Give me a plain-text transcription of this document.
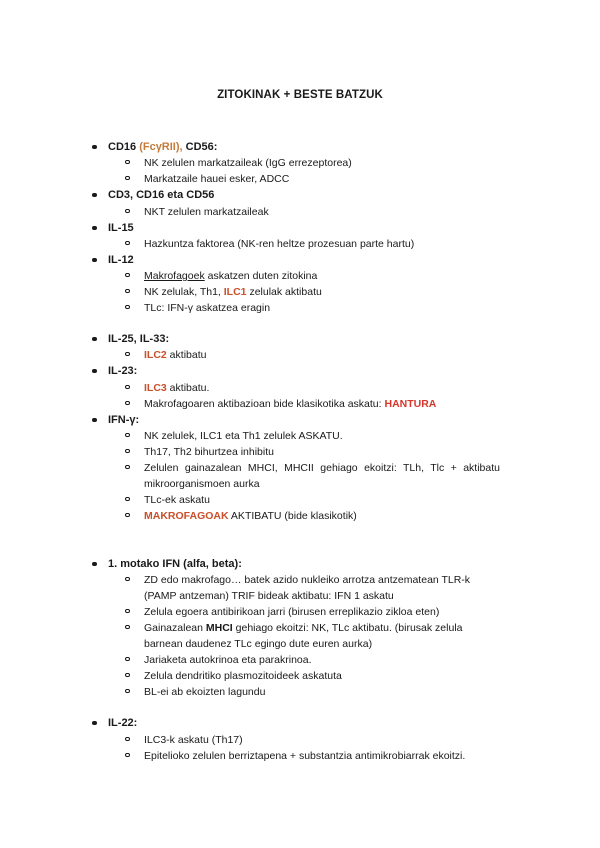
ZITOKINAK + BESTE BATZUK
CD16 (FcγRII), CD56:
NK zelulen markatzaileak (IgG errezeptorea)
Markatzaile hauei esker, ADCC
CD3, CD16 eta CD56
NKT zelulen markatzaileak
IL-15
Hazkuntza faktorea (NK-ren heltze prozesuan parte hartu)
IL-12
Makrofagoek askatzen duten zitokina
NK zelulak, Th1, ILC1 zelulak aktibatu
TLc: IFN-γ askatzea eragin
IL-25, IL-33:
ILC2 aktibatu
IL-23:
ILC3 aktibatu.
Makrofagoaren aktibazioan bide klasikotika askatu: HANTURA
IFN-γ:
NK zelulek, ILC1 eta Th1 zelulek ASKATU.
Th17, Th2 bihurtzea inhibitu
Zelulen gainazalean MHCI, MHCII gehiago ekoitzi: TLh, Tlc + aktibatu mikroorganismoen aurka
TLc-ek askatu
MAKROFAGOAK AKTIBATU (bide klasikotik)
1. motako IFN (alfa, beta):
ZD edo makrofago… batek azido nukleiko arrotza antzematean TLR-k (PAMP antzeman) TRIF bideak aktibatu: IFN 1 askatu
Zelula egoera antibirikoan jarri (birusen erreplikazio zikloa eten)
Gainazalean MHCI gehiago ekoitzi: NK, TLc aktibatu. (birusak zelula barnean daudenez TLc egingo dute euren aurka)
Jariaketa autokrinoa eta parakrinoa.
Zelula dendritiko plasmozitoideek askatuta
BL-ei ab ekoizten lagundu
IL-22:
ILC3-k askatu (Th17)
Epitelioko zelulen berriztapena + substantzia antimikrobiarrak ekoitzi.
